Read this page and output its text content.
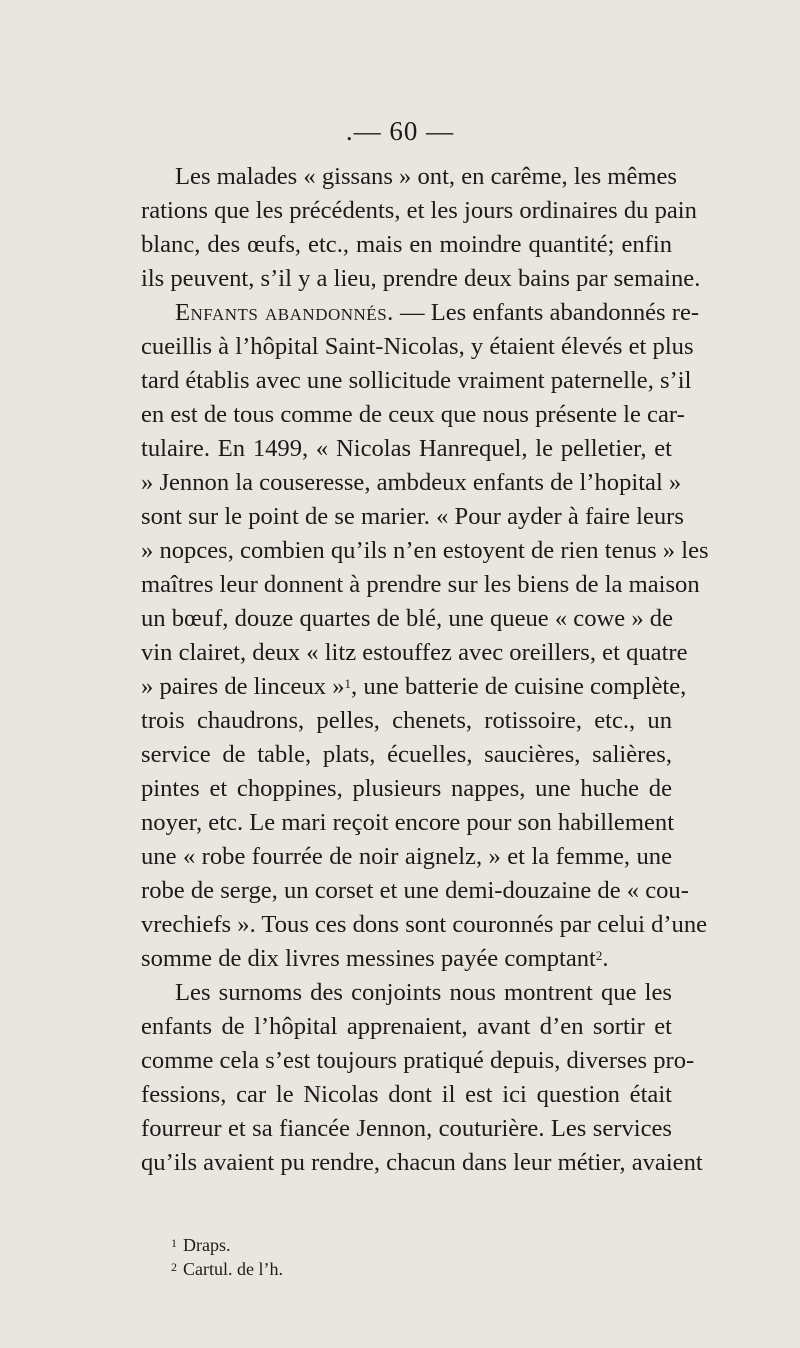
.— 60 —
Les malades « gissans » ont, en carême, les mêmes
rations que les précédents, et les jours ordinaires du pain
blanc, des œufs, etc., mais en moindre quantité; enfin
ils peuvent, s’il y a lieu, prendre deux bains par semaine.
Enfants abandonnés. — Les enfants abandonnés re-
cueillis à l’hôpital Saint-Nicolas, y étaient élevés et plus
tard établis avec une sollicitude vraiment paternelle, s’il
en est de tous comme de ceux que nous présente le car-
tulaire. En 1499, « Nicolas Hanrequel, le pelletier, et
» Jennon la couseresse, ambdeux enfants de l’hopital »
sont sur le point de se marier. « Pour ayder à faire leurs
» nopces, combien qu’ils n’en estoyent de rien tenus » les
maîtres leur donnent à prendre sur les biens de la maison
un bœuf, douze quartes de blé, une queue « cowe » de
vin clairet, deux « litz estouffez avec oreillers, et quatre
» paires de linceux »$^1$, une batterie de cuisine complète,
trois chaudrons, pelles, chenets, rotissoire, etc., un
service de table, plats, écuelles, saucières, salières,
pintes et choppines, plusieurs nappes, une huche de
noyer, etc. Le mari reçoit encore pour son habillement
une « robe fourrée de noir aignelz, » et la femme, une
robe de serge, un corset et une demi-douzaine de « cou-
vrechiefs ». Tous ces dons sont couronnés par celui d’une
somme de dix livres messines payée comptant$^2$.
Les surnoms des conjoints nous montrent que les
enfants de l’hôpital apprenaient, avant d’en sortir et
comme cela s’est toujours pratiqué depuis, diverses pro-
fessions, car le Nicolas dont il est ici question était
fourreur et sa fiancée Jennon, couturière. Les services
qu’ils avaient pu rendre, chacun dans leur métier, avaient
$^1$ Draps.
$^2$ Cartul. de l’h.
